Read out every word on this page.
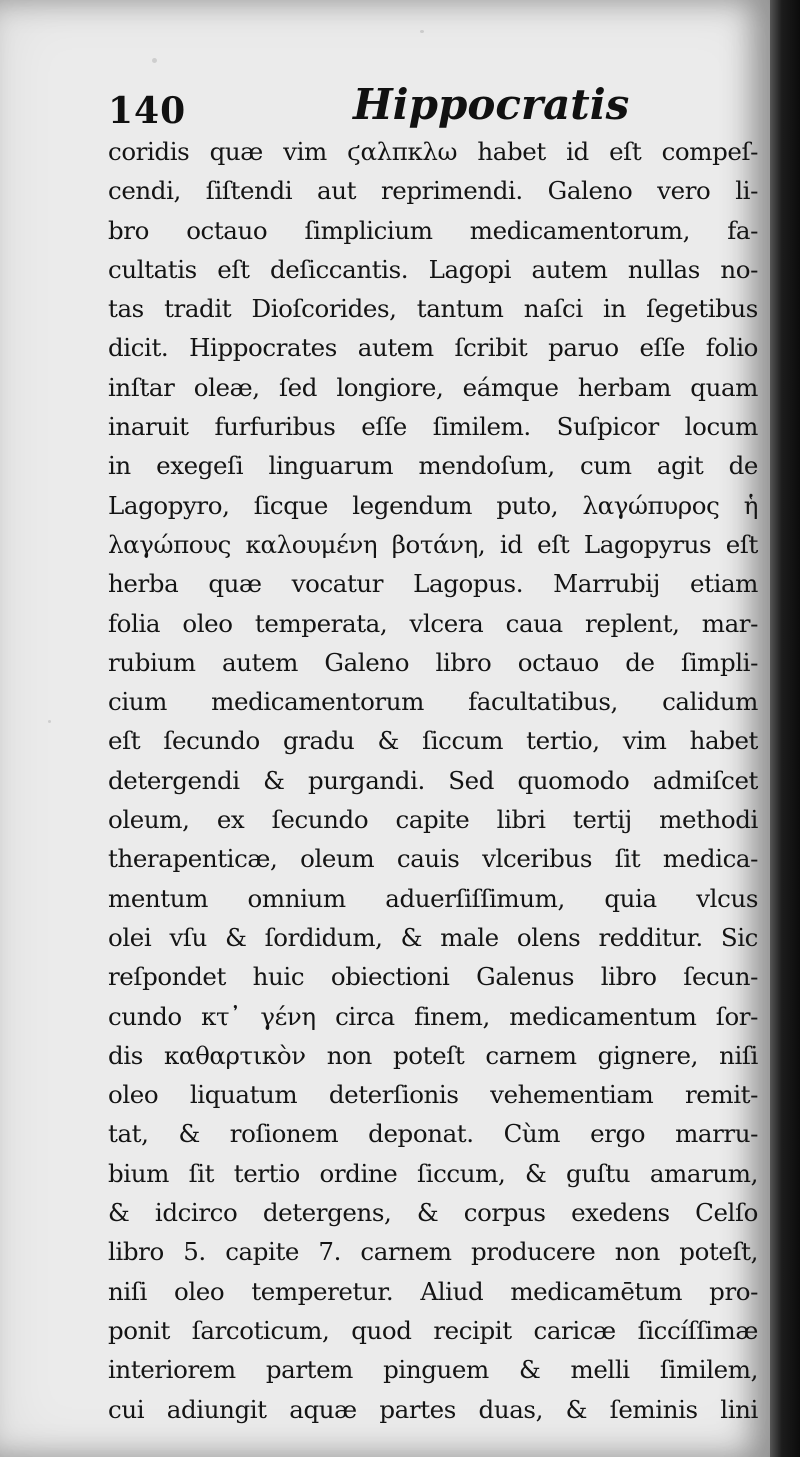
140	Hippocratis
coridis quæ vim ϛαλπκλω habet id eſt compeſ-
cendi, ſiſtendi aut reprimendi. Galeno vero li-
bro octauo ſimplicium medicamentorum, fa-
cultatis eſt deſiccantis. Lagopi autem nullas no-
tas tradit Dioſcorides, tantum naſci in ſegetibus
dicit. Hippocrates autem ſcribit paruo eſſe folio
inſtar oleæ, ſed longiore, eámque herbam quam
inaruit furfuribus eſſe ſimilem. Suſpicor locum
in exegeſi linguarum mendoſum, cum agit de
Lagopyro, ſicque legendum puto, λαγώπυρος ἡ
λαγώπους καλουμένη βοτάνη, id eſt Lagopyrus eſt
herba quæ vocatur Lagopus. Marrubij etiam
folia oleo temperata, vlcera caua replent, mar-
rubium autem Galeno libro octauo de ſimpli-
cium medicamentorum facultatibus, calidum
eſt ſecundo gradu & ſiccum tertio, vim habet
detergendi & purgandi. Sed quomodo admiſcet
oleum, ex ſecundo capite libri tertij methodi
therapenticæ, oleum cauis vlceribus ſit medica-
mentum omnium aduerſiſſimum, quia vlcus
olei vſu & ſordidum, & male olens redditur. Sic
reſpondet huic obiectioni Galenus libro ſecun-
cundo κτ᾽ γένη circa finem, medicamentum ſor-
dis καθαρτικὸν non poteſt carnem gignere, niſi
oleo liquatum deterſionis vehementiam remit-
tat, & roſionem deponat. Cùm ergo marru-
bium ſit tertio ordine ſiccum, & guſtu amarum,
& idcirco detergens, & corpus exedens Celſo
libro 5. capite 7. carnem producere non poteſt,
niſi oleo temperetur. Aliud medicamētum pro-
ponit ſarcoticum, quod recipit caricæ ſiccíſſimæ
interiorem partem pinguem & melli ſimilem,
cui adiungit aquæ partes duas, & ſeminis lini
